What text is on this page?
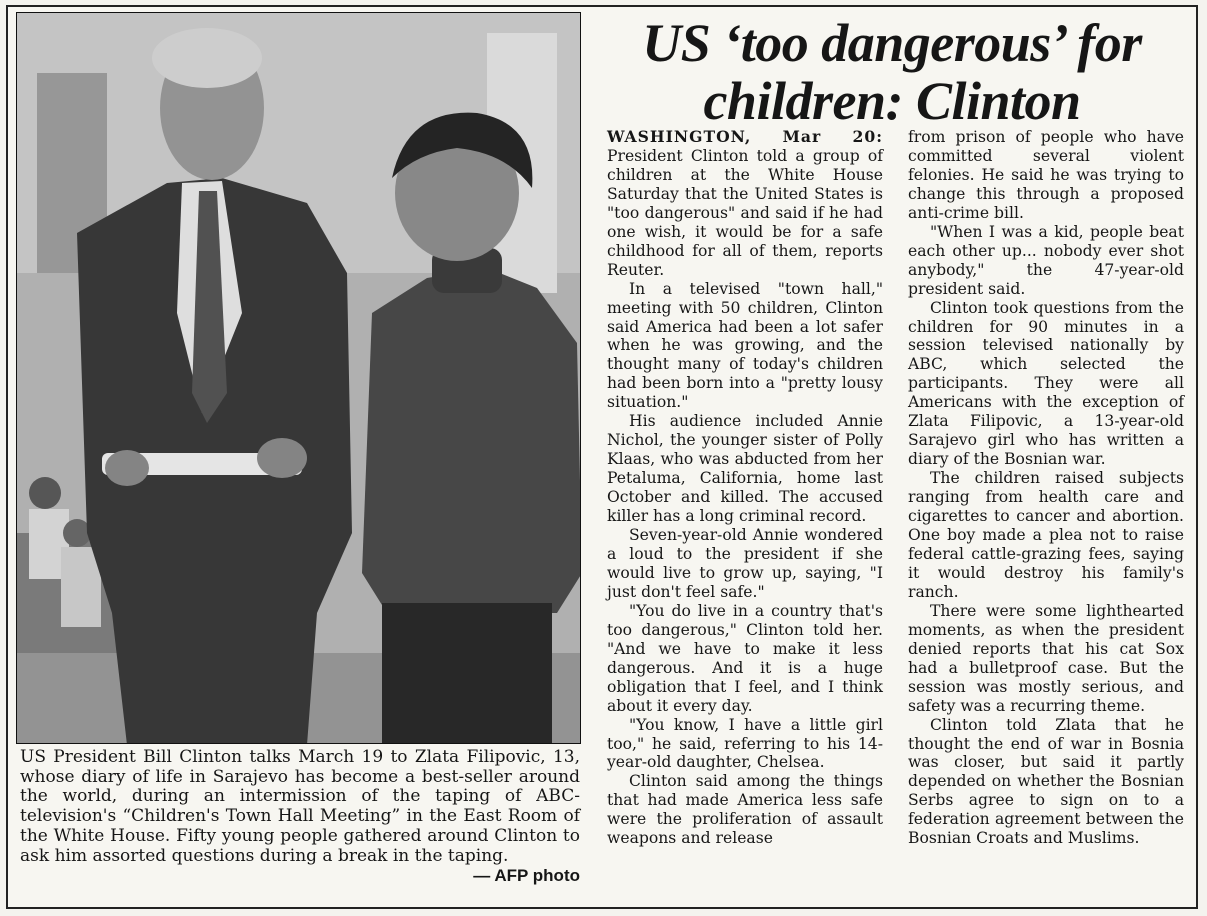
US President Bill Clinton talks March 19 to Zlata Filipovic, 13, whose diary of life in Sarajevo has become a best-seller around the world, during an intermission of the taping of ABC-television's “Children's Town Hall Meeting” in the East Room of the White House. Fifty young people gathered around Clinton to ask him assorted questions during a break in the taping.
— AFP photo
US ‘too dangerous’ for
children: Clinton

WASHINGTON, Mar 20: President Clinton told a group of children at the White House Saturday that the United States is "too dangerous" and said if he had one wish, it would be for a safe childhood for all of them, reports Reuter.

In a televised "town hall," meeting with 50 children, Clinton said America had been a lot safer when he was growing, and the thought many of today's children had been born into a "pretty lousy situation."

His audience included Annie Nichol, the younger sister of Polly Klaas, who was abducted from her Petaluma, California, home last October and killed. The accused killer has a long criminal record.

Seven-year-old Annie wondered a loud to the president if she would live to grow up, saying, "I just don't feel safe."

"You do live in a country that's too dangerous," Clinton told her. "And we have to make it less dangerous. And it is a huge obligation that I feel, and I think about it every day.

"You know, I have a little girl too," he said, referring to his 14-year-old daughter, Chelsea.

Clinton said among the things that had made America less safe were the proliferation of assault weapons and release

from prison of people who have committed several violent felonies. He said he was trying to change this through a proposed anti-crime bill.

"When I was a kid, people beat each other up... nobody ever shot anybody," the 47-year-old president said.

Clinton took questions from the children for 90 minutes in a session televised nationally by ABC, which selected the participants. They were all Americans with the exception of Zlata Filipovic, a 13-year-old Sarajevo girl who has written a diary of the Bosnian war.

The children raised subjects ranging from health care and cigarettes to cancer and abortion. One boy made a plea not to raise federal cattle-grazing fees, saying it would destroy his family's ranch.

There were some lighthearted moments, as when the president denied reports that his cat Sox had a bulletproof case. But the session was mostly serious, and safety was a recurring theme.

Clinton told Zlata that he thought the end of war in Bosnia was closer, but said it partly depended on whether the Bosnian Serbs agree to sign on to a federation agreement between the Bosnian Croats and Muslims.
